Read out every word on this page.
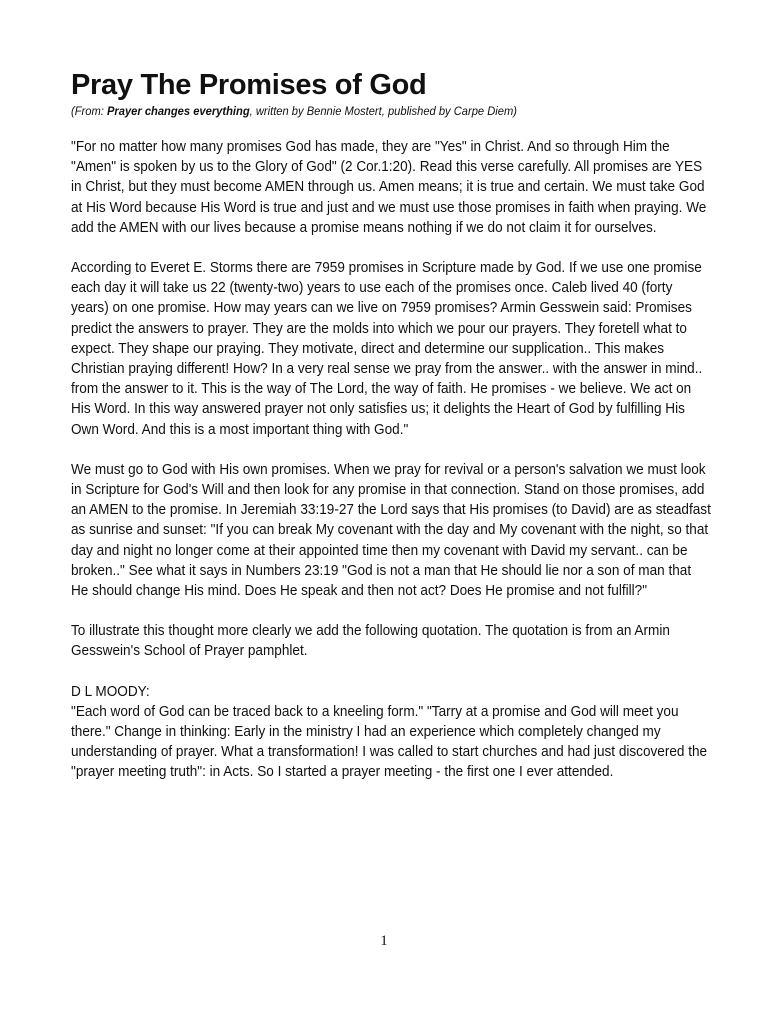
Pray The Promises of God
(From: Prayer changes everything, written by Bennie Mostert, published by Carpe Diem)

"For no matter how many promises God has made, they are "Yes" in Christ. And so through Him the "Amen" is spoken by us to the Glory of God" (2 Cor.1:20). Read this verse carefully. All promises are YES in Christ, but they must become AMEN through us. Amen means; it is true and certain. We must take God at His Word because His Word is true and just and we must use those promises in faith when praying. We add the AMEN with our lives because a promise means nothing if we do not claim it for ourselves.

According to Everet E. Storms there are 7959 promises in Scripture made by God. If we use one promise each day it will take us 22 (twenty-two) years to use each of the promises once. Caleb lived 40 (forty years) on one promise. How may years can we live on 7959 promises? Armin Gesswein said: Promises predict the answers to prayer. They are the molds into which we pour our prayers. They foretell what to expect. They shape our praying. They motivate, direct and determine our supplication.. This makes Christian praying different! How? In a very real sense we pray from the answer.. with the answer in mind.. from the answer to it. This is the way of The Lord, the way of faith. He promises - we believe. We act on His Word. In this way answered prayer not only satisfies us; it delights the Heart of God by fulfilling His Own Word. And this is a most important thing with God."

We must go to God with His own promises. When we pray for revival or a person's salvation we must look in Scripture for God's Will and then look for any promise in that connection. Stand on those promises, add an AMEN to the promise. In Jeremiah 33:19-27 the Lord says that His promises (to David) are as steadfast as sunrise and sunset: "If you can break My covenant with the day and My covenant with the night, so that day and night no longer come at their appointed time then my covenant with David my servant.. can be broken.." See what it says in Numbers 23:19 "God is not a man that He should lie nor a son of man that He should change His mind. Does He speak and then not act? Does He promise and not fulfill?"

To illustrate this thought more clearly we add the following quotation. The quotation is from an Armin Gesswein's School of Prayer pamphlet.

D L MOODY:

"Each word of God can be traced back to a kneeling form." "Tarry at a promise and God will meet you there." Change in thinking: Early in the ministry I had an experience which completely changed my understanding of prayer. What a transformation! I was called to start churches and had just discovered the "prayer meeting truth": in Acts. So I started a prayer meeting - the first one I ever attended.

1
